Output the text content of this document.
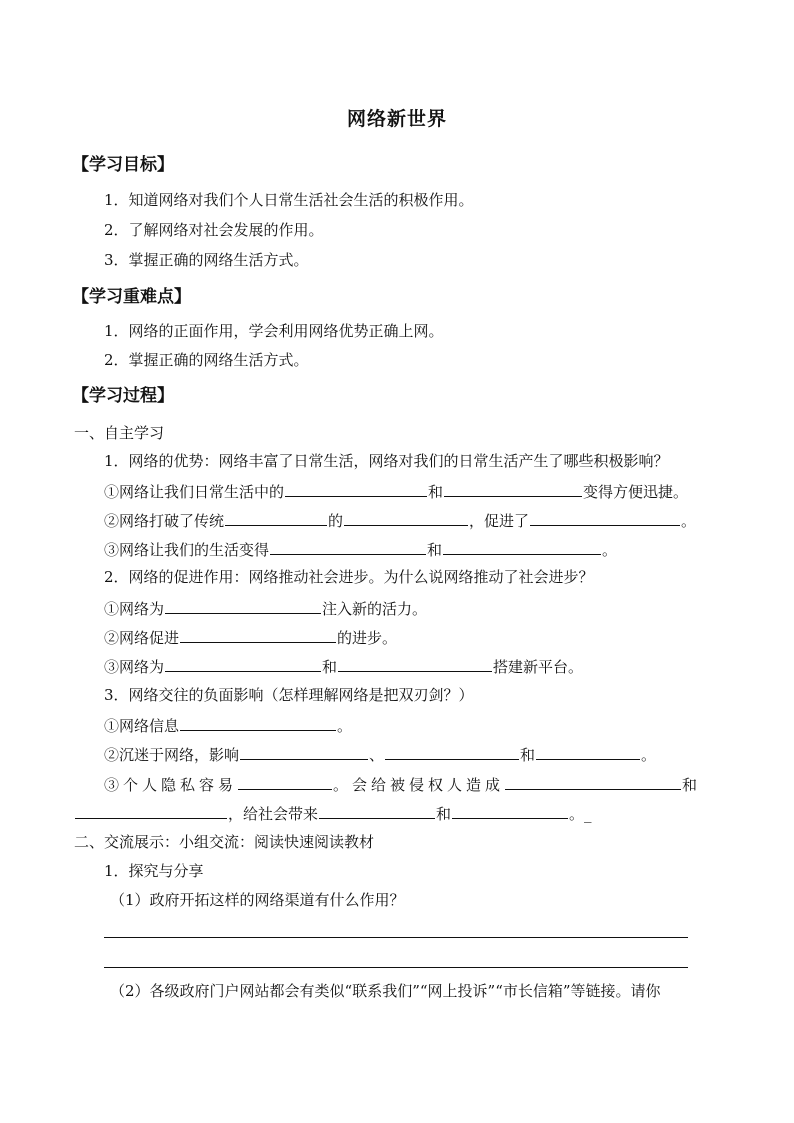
网络新世界
【学习目标】
1．知道网络对我们个人日常生活社会生活的积极作用。
2．了解网络对社会发展的作用。
3．掌握正确的网络生活方式。
【学习重难点】
1．网络的正面作用，学会利用网络优势正确上网。
2．掌握正确的网络生活方式。
【学习过程】
一、自主学习
1．网络的优势：网络丰富了日常生活，网络对我们的日常生活产生了哪些积极影响？
①网络让我们日常生活中的	和	变得方便迅捷。
②网络打破了传统	的	，促进了	。
③网络让我们的生活变得	和	。
2．网络的促进作用：网络推动社会进步。为什么说网络推动了社会进步？
①网络为	注入新的活力。
②网络促进	的进步。
③网络为	和	搭建新平台。
3．网络交往的负面影响（怎样理解网络是把双刃剑？）
①网络信息	。
②沉迷于网络，影响	、	和	。
③个人隐私容易	。会给被侵权人造成	和
，给社会带来	和	。_
二、交流展示：小组交流：阅读快速阅读教材
1．探究与分享
（1）政府开拓这样的网络渠道有什么作用？
（2）各级政府门户网站都会有类似“联系我们”“网上投诉”“市长信箱”等链接。请你
